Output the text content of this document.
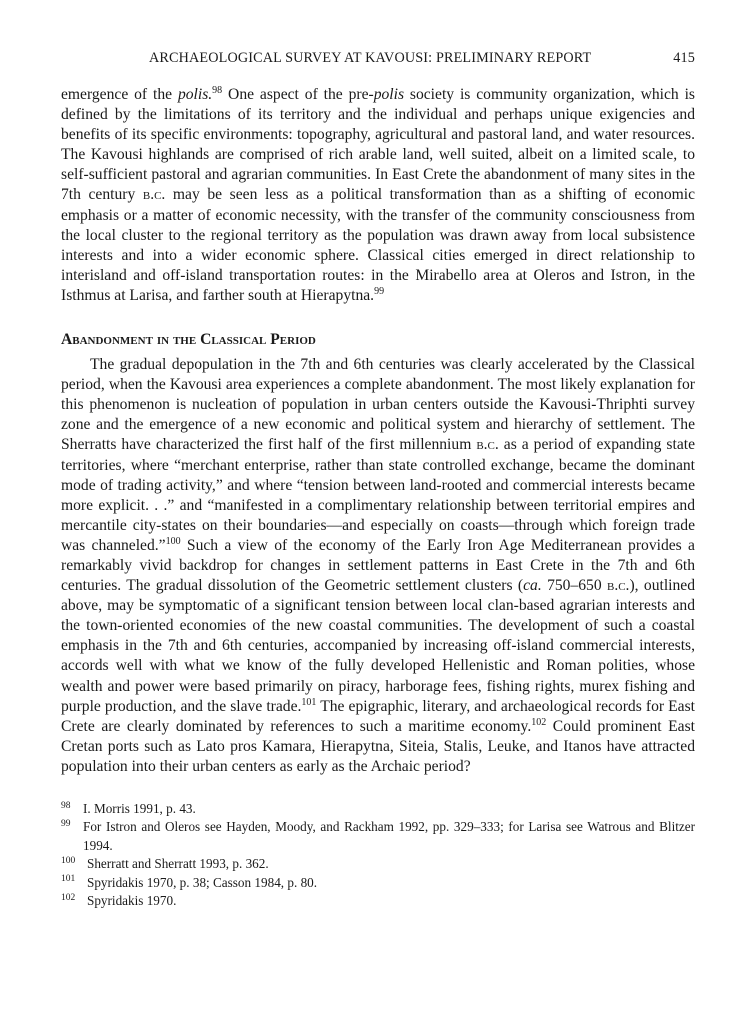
ARCHAEOLOGICAL SURVEY AT KAVOUSI: PRELIMINARY REPORT	415

emergence of the polis.$^{98}$ One aspect of the pre-polis society is community organization, which is defined by the limitations of its territory and the individual and perhaps unique exigencies and benefits of its specific environments: topography, agricultural and pastoral land, and water resources. The Kavousi highlands are comprised of rich arable land, well suited, albeit on a limited scale, to self-sufficient pastoral and agrarian communities. In East Crete the abandonment of many sites in the 7th century b.c. may be seen less as a political transformation than as a shifting of economic emphasis or a matter of economic necessity, with the transfer of the community consciousness from the local cluster to the regional territory as the population was drawn away from local subsistence interests and into a wider economic sphere. Classical cities emerged in direct relationship to interisland and off-island transportation routes: in the Mirabello area at Oleros and Istron, in the Isthmus at Larisa, and farther south at Hierapytna.$^{99}$

Abandonment in the Classical Period

The gradual depopulation in the 7th and 6th centuries was clearly accelerated by the Classical period, when the Kavousi area experiences a complete abandonment. The most likely explanation for this phenomenon is nucleation of population in urban centers outside the Kavousi-Thriphti survey zone and the emergence of a new economic and political system and hierarchy of settlement. The Sherratts have characterized the first half of the first millennium b.c. as a period of expanding state territories, where “merchant enterprise, rather than state controlled exchange, became the dominant mode of trading activity,” and where “tension between land-rooted and commercial interests became more explicit. . .” and “manifested in a complimentary relationship between territorial empires and mercantile city-states on their boundaries—and especially on coasts—through which foreign trade was channeled.”$^{100}$ Such a view of the economy of the Early Iron Age Mediterranean provides a remarkably vivid backdrop for changes in settlement patterns in East Crete in the 7th and 6th centuries. The gradual dissolution of the Geometric settlement clusters (ca. 750–650 b.c.), outlined above, may be symptomatic of a significant tension between local clan-based agrarian interests and the town-oriented economies of the new coastal communities. The development of such a coastal emphasis in the 7th and 6th centuries, accompanied by increasing off-island commercial interests, accords well with what we know of the fully developed Hellenistic and Roman polities, whose wealth and power were based primarily on piracy, harborage fees, fishing rights, murex fishing and purple production, and the slave trade.$^{101}$ The epigraphic, literary, and archaeological records for East Crete are clearly dominated by references to such a maritime economy.$^{102}$ Could prominent East Cretan ports such as Lato pros Kamara, Hierapytna, Siteia, Stalis, Leuke, and Itanos have attracted population into their urban centers as early as the Archaic period?

98 I. Morris 1991, p. 43.
99 For Istron and Oleros see Hayden, Moody, and Rackham 1992, pp. 329–333; for Larisa see Watrous and Blitzer 1994.
100 Sherratt and Sherratt 1993, p. 362.
101 Spyridakis 1970, p. 38; Casson 1984, p. 80.
102 Spyridakis 1970.
